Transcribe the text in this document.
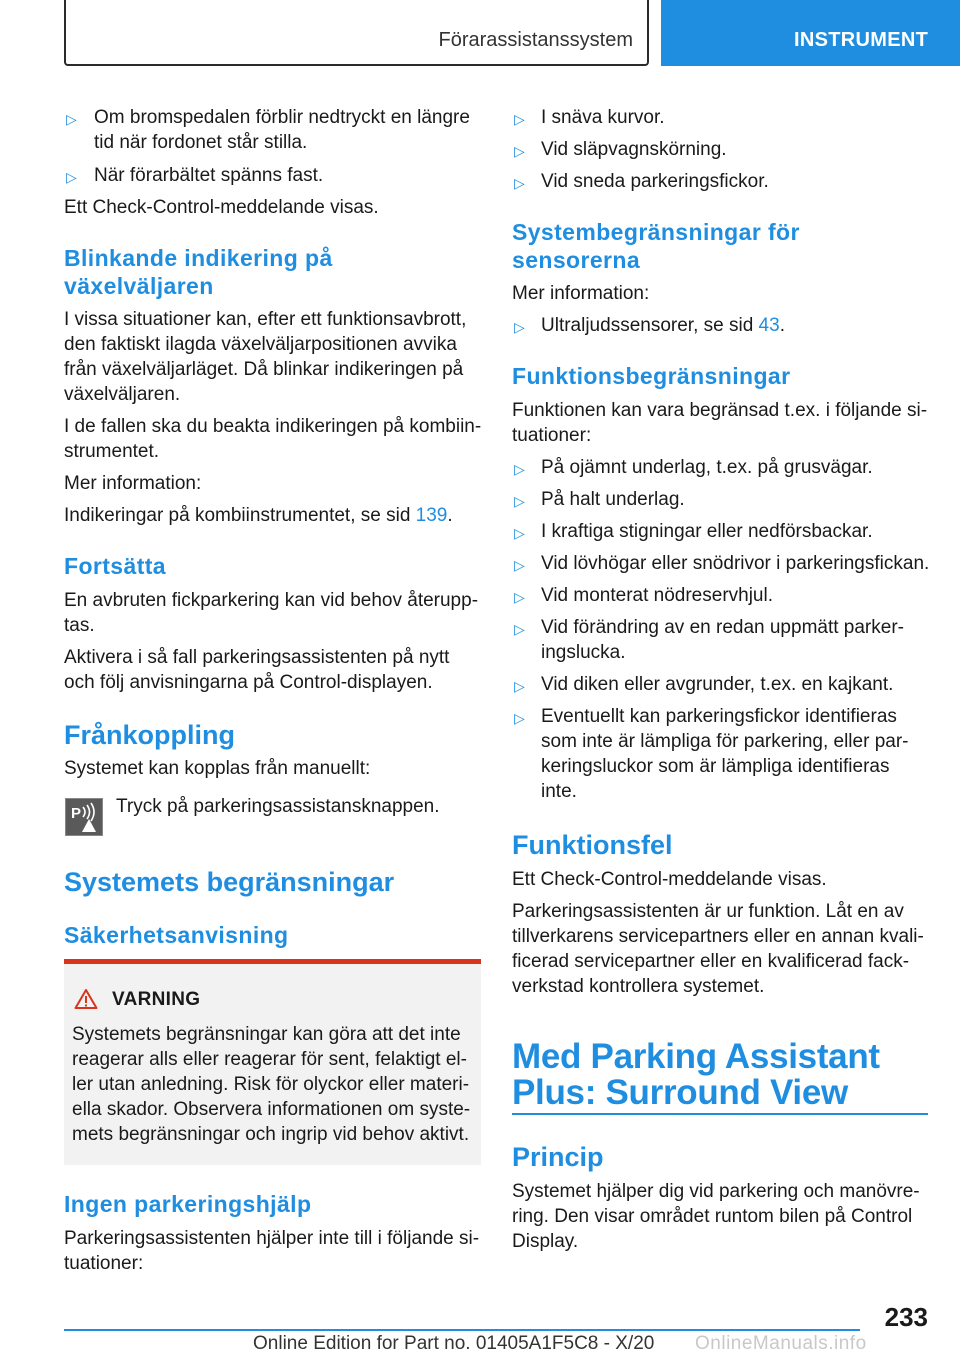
Förarassistanssystem	INSTRUMENT
▷ Om bromspedalen förblir nedtryckt en längre
tid när fordonet står stilla.
▷ När förarbältet spänns fast.
Ett Check-Control-meddelande visas.
Blinkande indikering på
växelväljaren
I vissa situationer kan, efter ett funktionsavbrott,
den faktiskt ilagda växelväljarpositionen avvika
från växelväljarläget. Då blinkar indikeringen på
växelväljaren.
I de fallen ska du beakta indikeringen på kombiin-
strumentet.
Mer information:
Indikeringar på kombiinstrumentet, se sid 139.
Fortsätta
En avbruten fickparkering kan vid behov återupp-
tas.
Aktivera i så fall parkeringsassistenten på nytt
och följ anvisningarna på Control-displayen.
Frånkoppling
Systemet kan kopplas från manuellt:
P Tryck på parkeringsassistansknappen.
Systemets begränsningar
Säkerhetsanvisning
VARNING
Systemets begränsningar kan göra att det inte
reagerar alls eller reagerar för sent, felaktigt el-
ler utan anledning. Risk för olyckor eller materi-
ella skador. Observera informationen om syste-
mets begränsningar och ingrip vid behov aktivt.
Ingen parkeringshjälp
Parkeringsassistenten hjälper inte till i följande si-
tuationer:
▷ I snäva kurvor.
▷ Vid släpvagnskörning.
▷ Vid sneda parkeringsfickor.
Systembegränsningar för
sensorerna
Mer information:
▷ Ultraljudssensorer, se sid 43.
Funktionsbegränsningar
Funktionen kan vara begränsad t.ex. i följande si-
tuationer:
▷ På ojämnt underlag, t.ex. på grusvägar.
▷ På halt underlag.
▷ I kraftiga stigningar eller nedförsbackar.
▷ Vid lövhögar eller snödrivor i parkeringsfickan.
▷ Vid monterat nödreservhjul.
▷ Vid förändring av en redan uppmätt parker-
ingslucka.
▷ Vid diken eller avgrunder, t.ex. en kajkant.
▷ Eventuellt kan parkeringsfickor identifieras
som inte är lämpliga för parkering, eller par-
keringsluckor som är lämpliga identifieras
inte.
Funktionsfel
Ett Check-Control-meddelande visas.
Parkeringsassistenten är ur funktion. Låt en av
tillverkarens servicepartners eller en annan kvali-
ficerad servicepartner eller en kvalificerad fack-
verkstad kontrollera systemet.
Med Parking Assistant
Plus: Surround View
Princip
Systemet hjälper dig vid parkering och manövre-
ring. Den visar området runtom bilen på Control
Display.
233
Online Edition for Part no. 01405A1F5C8 - X/20 OnlineManuals.info
